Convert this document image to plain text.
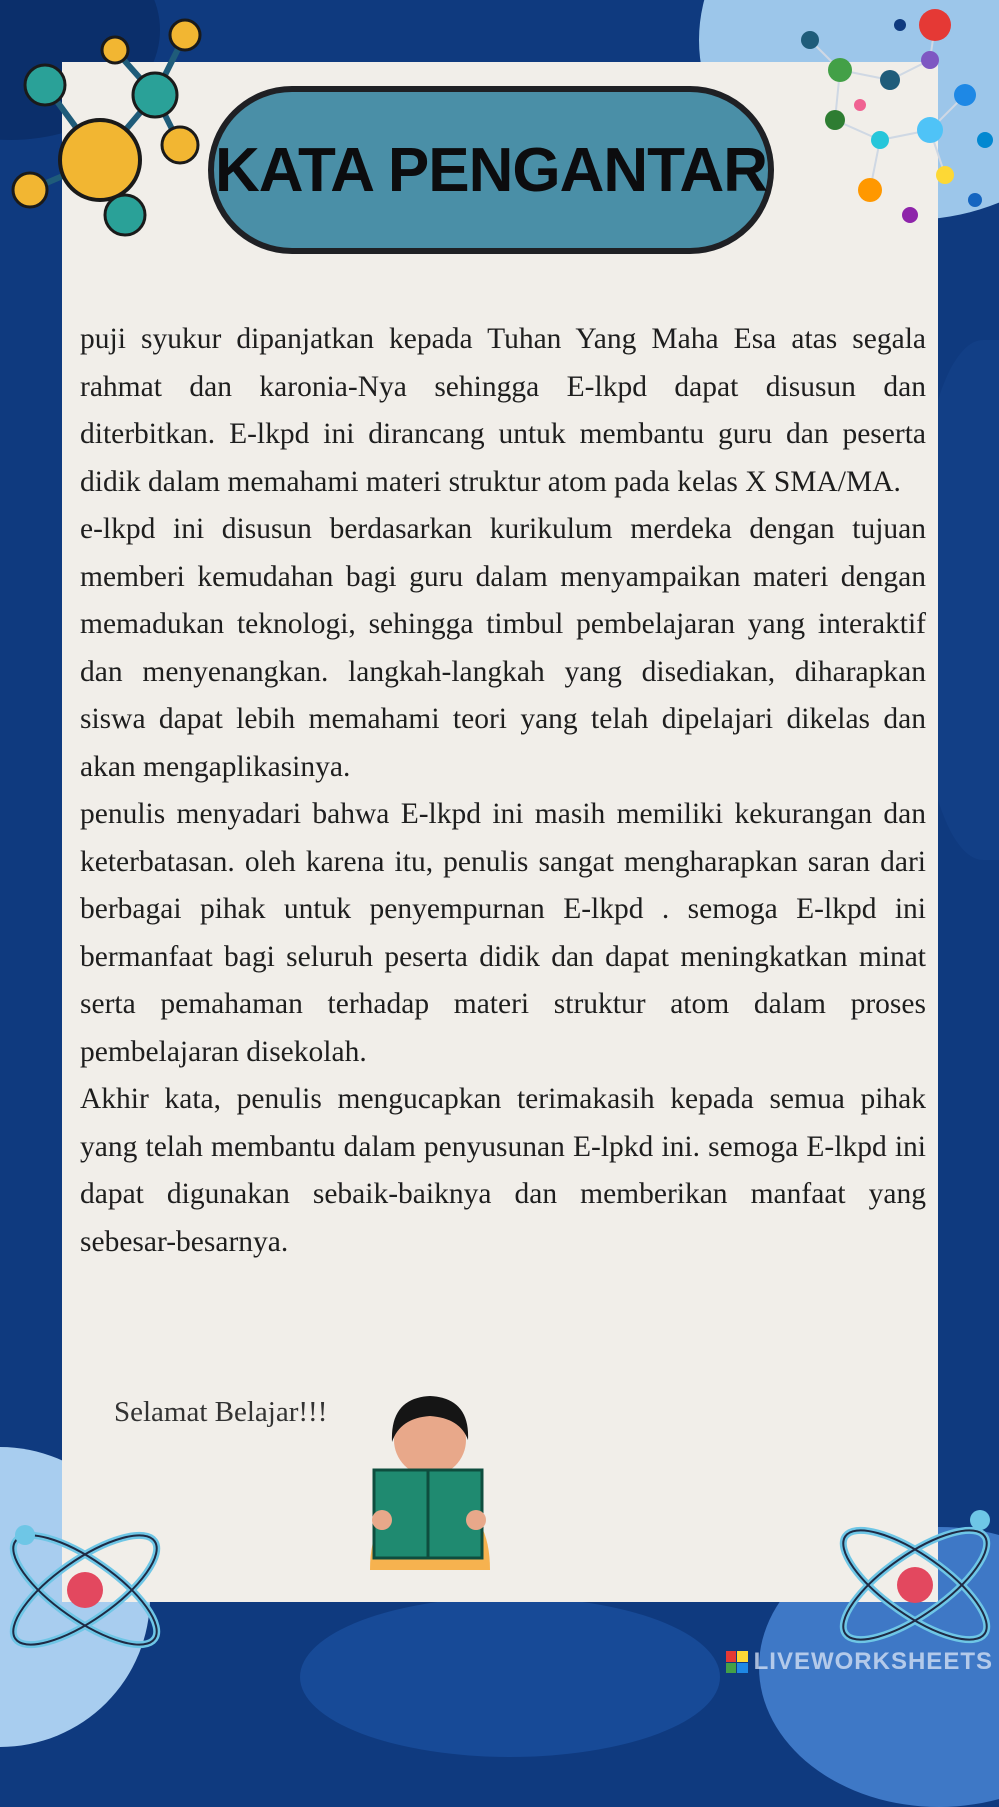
KATA PENGANTAR

puji syukur dipanjatkan kepada Tuhan Yang Maha Esa atas segala rahmat dan karonia-Nya sehingga E-lkpd dapat disusun dan diterbitkan. E-lkpd ini dirancang untuk membantu guru dan peserta didik dalam memahami materi struktur atom pada kelas X SMA/MA.

e-lkpd ini disusun berdasarkan kurikulum merdeka dengan tujuan memberi kemudahan bagi guru dalam menyampaikan materi dengan memadukan teknologi, sehingga timbul pembelajaran yang interaktif dan menyenangkan. langkah-langkah yang disediakan, diharapkan siswa dapat lebih memahami teori yang telah dipelajari dikelas dan akan mengaplikasinya.

penulis menyadari bahwa E-lkpd ini masih memiliki kekurangan dan keterbatasan. oleh karena itu, penulis sangat mengharapkan saran dari berbagai pihak untuk penyempurnan E-lkpd . semoga E-lkpd ini bermanfaat bagi seluruh peserta didik dan dapat meningkatkan minat serta pemahaman terhadap materi struktur atom dalam proses pembelajaran disekolah.

Akhir kata, penulis mengucapkan terimakasih kepada semua pihak yang telah membantu dalam penyusunan E-lpkd ini. semoga E-lkpd ini dapat digunakan sebaik-baiknya dan memberikan manfaat yang sebesar-besarnya.

Selamat Belajar!!!
LIVEWORKSHEETS
